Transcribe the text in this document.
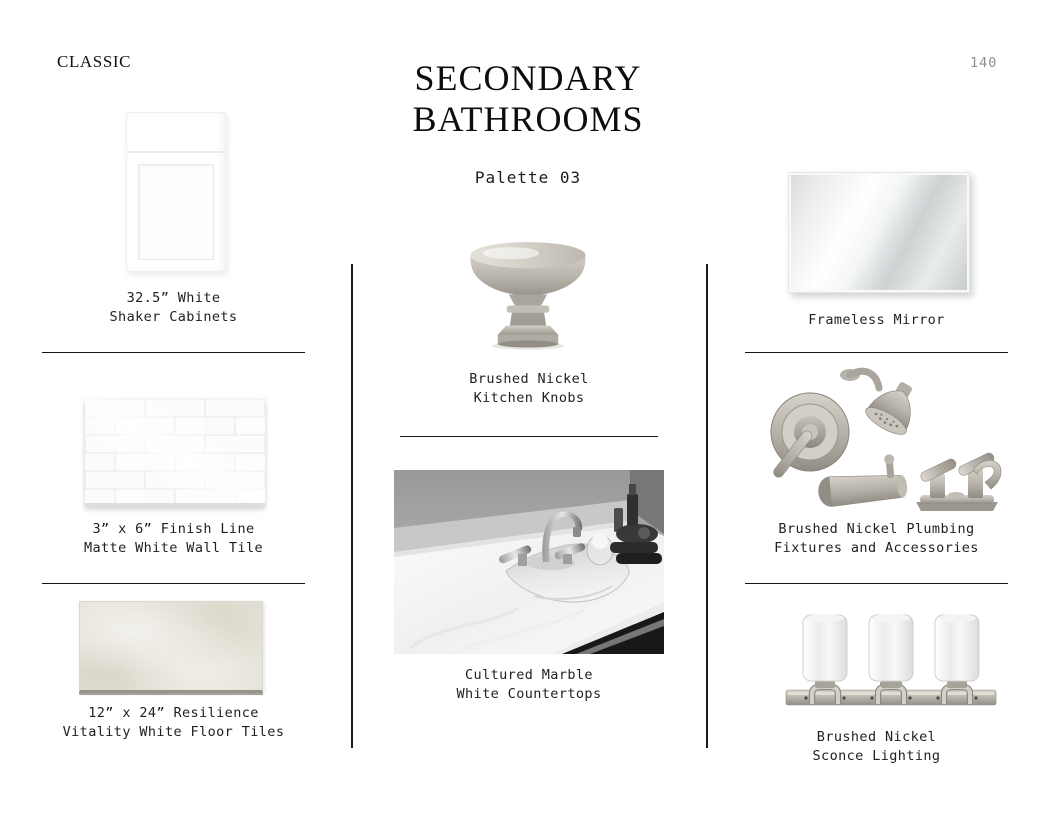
CLASSIC	140
SECONDARY
BATHROOMS
Palette 03
32.5” White
Shaker Cabinets
3” x 6” Finish Line
Matte White Wall Tile
12” x 24” Resilience
Vitality White Floor Tiles
Brushed Nickel
Kitchen Knobs
Cultured Marble
White Countertops
Frameless Mirror
Brushed Nickel Plumbing
Fixtures and Accessories
Brushed Nickel
Sconce Lighting
